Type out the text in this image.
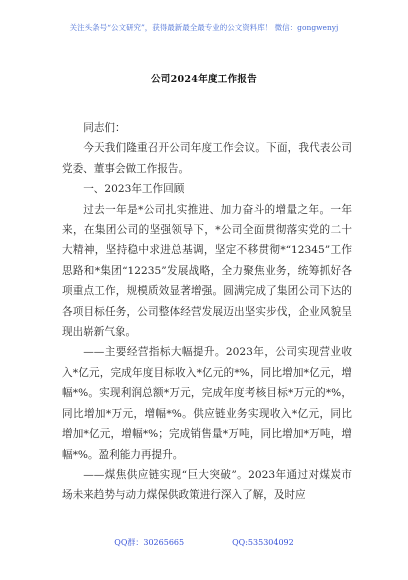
关注头条号“公文研究”，获得最新最全最专业的公文资料库！ 微信：gongwenyj
公司2024年度工作报告

同志们：

今天我们隆重召开公司年度工作会议。下面，我代表公司党委、董事会做工作报告。

一、2023年工作回顾

过去一年是*公司扎实推进、加力奋斗的增量之年。一年来，在集团公司的坚强领导下，*公司全面贯彻落实党的二十大精神，坚持稳中求进总基调，坚定不移贯彻*“12345”工作思路和*集团“12235”发展战略，全力聚焦业务，统筹抓好各项重点工作，规模质效显著增强。圆满完成了集团公司下达的各项目标任务，公司整体经营发展迈出坚实步伐，企业风貌呈现出崭新气象。

——主要经营指标大幅提升。2023年，公司实现营业收入*亿元，完成年度目标收入*亿元的*%，同比增加*亿元，增幅*%。实现利润总额*万元，完成年度考核目标*万元的*%，同比增加*万元，增幅*%。供应链业务实现收入*亿元，同比增加*亿元，增幅*%；完成销售量*万吨，同比增加*万吨，增幅*%。盈利能力再提升。

——煤焦供应链实现“巨大突破”。2023年通过对煤炭市场未来趋势与动力煤保供政策进行深入了解，及时应

QQ群：30265665	QQ:535304092
